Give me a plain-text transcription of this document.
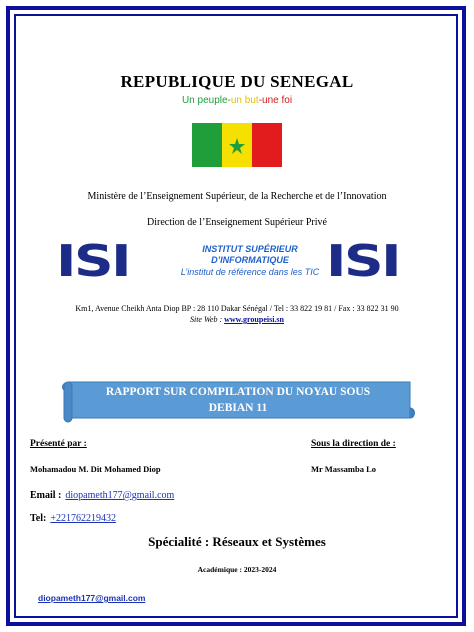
REPUBLIQUE DU SENEGAL
Un peuple-un but-une foi
Ministère de l’Enseignement Supérieur, de la Recherche et de l’Innovation
Direction de l’Enseignement Supérieur Privé
ISI	ISI
INSTITUT SUPÉRIEUR
D’INFORMATIQUE
L’institut de référence dans les TIC
Km1, Avenue Cheikh Anta Diop BP : 28 110 Dakar Sénégal / Tel : 33 822 19 81 / Fax : 33 822 31 90
Site Web : www.groupeisi.sn
RAPPORT SUR COMPILATION DU NOYAU SOUS
DEBIAN 11
Présenté par :	Sous la direction de :
Mohamadou M. Dit Mohamed Diop	Mr Massamba Lo
Email : diopameth177@gmail.com
Tel: +221762219432
Spécialité : Réseaux et Systèmes
Académique : 2023-2024
diopameth177@gmail.com
